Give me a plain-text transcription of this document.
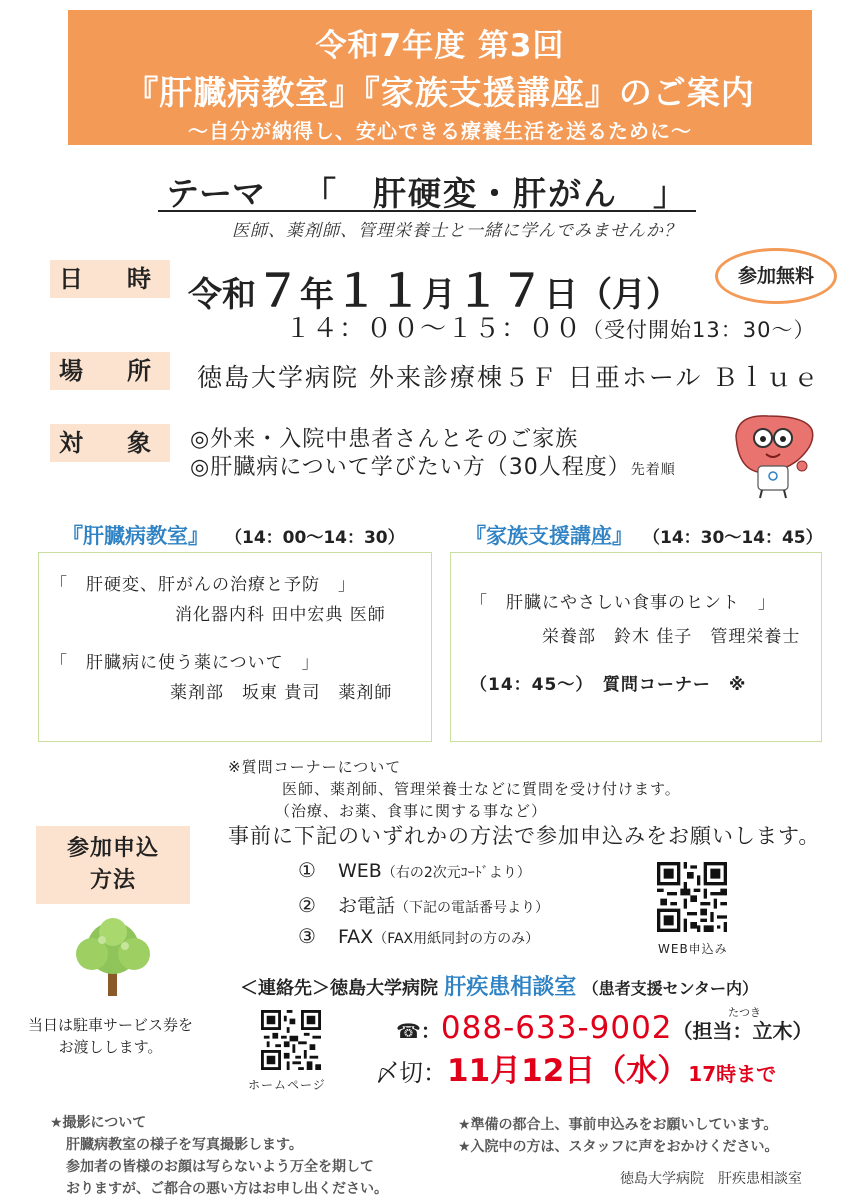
令和7年度 第3回
『肝臓病教室』『家族支援講座』のご案内
～自分が納得し、安心できる療養生活を送るために～
テーマ 「　肝硬変・肝がん　」
医師、薬剤師、管理栄養士と一緒に学んでみませんか？
日　時 令和７年１１月１７日（月）	参加無料
１４：００～１５：００（受付開始13：30～）
場　所	徳島大学病院 外来診療棟５Ｆ 日亜ホール Ｂｌｕｅ
対　象	◎外来・入院中患者さんとそのご家族
◎肝臓病について学びたい方（30人程度）先着順
『肝臓病教室』 （14：00～14：30）
「　肝硬変、肝がんの治療と予防　」
消化器内科 田中宏典 医師
「　肝臓病に使う薬について　」
薬剤部　坂東 貴司　薬剤師
『家族支援講座』 （14：30～14：45）
「　肝臓にやさしい食事のヒント　」
栄養部　鈴木 佳子　管理栄養士
（14：45～）　質問コーナー　※
※質問コーナーについて
医師、薬剤師、管理栄養士などに質問を受け付けます。
（治療、お薬、食事に関する事など）
参加申込
方法
事前に下記のいずれかの方法で参加申込みをお願いします。
① WEB（右の2次元ｺｰﾄﾞより）
② お電話（下記の電話番号より）
③ FAX（FAX用紙同封の方のみ）
WEB申込み
＜連絡先＞徳島大学病院 肝疾患相談室 （患者支援センター内）
当日は駐車サービス券を
お渡しします。
ホームページ
たつき
☎：088-633-9002（担当：立木）
〆切：11月12日（水）17時まで
★撮影について
肝臓病教室の様子を写真撮影します。
参加者の皆様のお顔は写らないよう万全を期して
おりますが、ご都合の悪い方はお申し出ください。
★準備の都合上、事前申込みをお願いしています。
★入院中の方は、スタッフに声をおかけください。
徳島大学病院　肝疾患相談室
